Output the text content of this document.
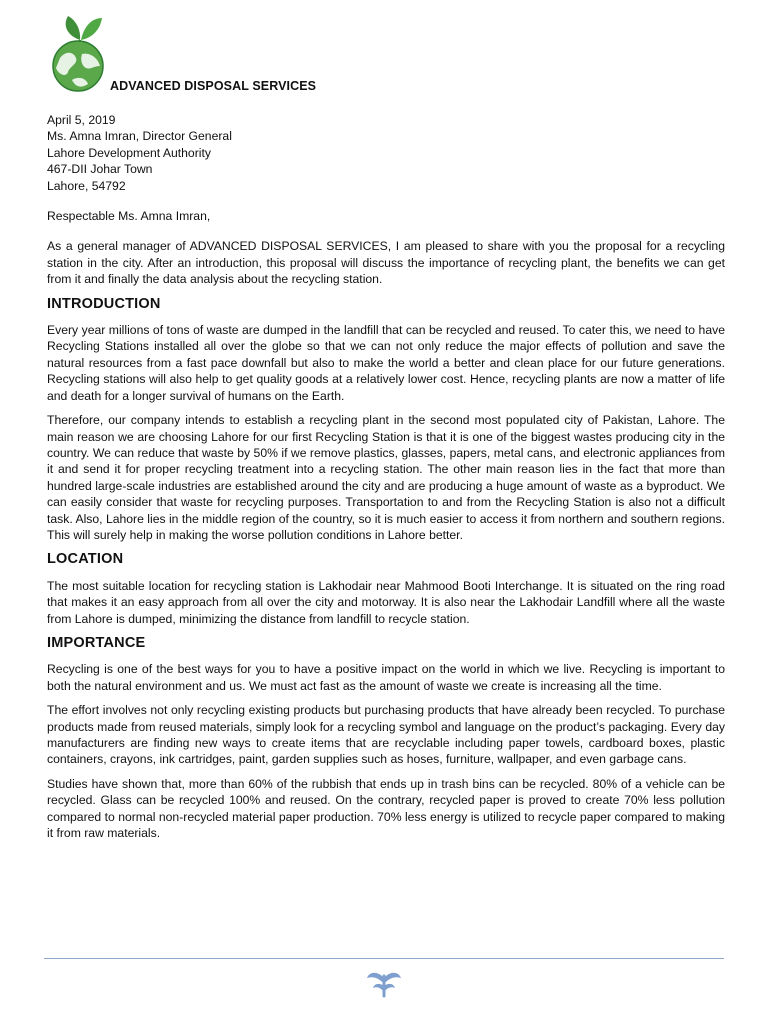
ADVANCED DISPOSAL SERVICES
April 5, 2019
Ms. Amna Imran, Director General
Lahore Development Authority
467-DII Johar Town
Lahore, 54792

Respectable Ms. Amna Imran,

As a general manager of ADVANCED DISPOSAL SERVICES, I am pleased to share with you the proposal for a recycling station in the city. After an introduction, this proposal will discuss the importance of recycling plant, the benefits we can get from it and finally the data analysis about the recycling station.

INTRODUCTION

Every year millions of tons of waste are dumped in the landfill that can be recycled and reused. To cater this, we need to have Recycling Stations installed all over the globe so that we can not only reduce the major effects of pollution and save the natural resources from a fast pace downfall but also to make the world a better and clean place for our future generations. Recycling stations will also help to get quality goods at a relatively lower cost. Hence, recycling plants are now a matter of life and death for a longer survival of humans on the Earth.

Therefore, our company intends to establish a recycling plant in the second most populated city of Pakistan, Lahore. The main reason we are choosing Lahore for our first Recycling Station is that it is one of the biggest wastes producing city in the country. We can reduce that waste by 50% if we remove plastics, glasses, papers, metal cans, and electronic appliances from it and send it for proper recycling treatment into a recycling station. The other main reason lies in the fact that more than hundred large-scale industries are established around the city and are producing a huge amount of waste as a byproduct. We can easily consider that waste for recycling purposes. Transportation to and from the Recycling Station is also not a difficult task. Also, Lahore lies in the middle region of the country, so it is much easier to access it from northern and southern regions. This will surely help in making the worse pollution conditions in Lahore better.

LOCATION

The most suitable location for recycling station is Lakhodair near Mahmood Booti Interchange. It is situated on the ring road that makes it an easy approach from all over the city and motorway. It is also near the Lakhodair Landfill where all the waste from Lahore is dumped, minimizing the distance from landfill to recycle station.

IMPORTANCE

Recycling is one of the best ways for you to have a positive impact on the world in which we live. Recycling is important to both the natural environment and us. We must act fast as the amount of waste we create is increasing all the time.

The effort involves not only recycling existing products but purchasing products that have already been recycled. To purchase products made from reused materials, simply look for a recycling symbol and language on the product’s packaging. Every day manufacturers are finding new ways to create items that are recyclable including paper towels, cardboard boxes, plastic containers, crayons, ink cartridges, paint, garden supplies such as hoses, furniture, wallpaper, and even garbage cans.

Studies have shown that, more than 60% of the rubbish that ends up in trash bins can be recycled. 80% of a vehicle can be recycled. Glass can be recycled 100% and reused. On the contrary, recycled paper is proved to create 70% less pollution compared to normal non-recycled material paper production. 70% less energy is utilized to recycle paper compared to making it from raw materials.
